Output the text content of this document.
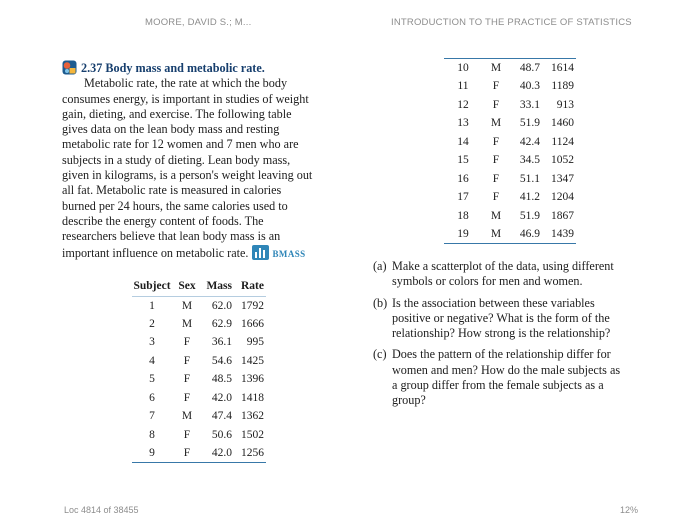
MOORE, DAVID S.; M...	INTRODUCTION TO THE PRACTICE OF STATISTICS
2.37 Body mass and metabolic rate.
Metabolic rate, the rate at which the body
consumes energy, is important in studies of weight
gain, dieting, and exercise. The following table
gives data on the lean body mass and resting
metabolic rate for 12 women and 7 men who are
subjects in a study of dieting. Lean body mass,
given in kilograms, is a person's weight leaving out
all fat. Metabolic rate is measured in calories
burned per 24 hours, the same calories used to
describe the energy content of foods. The
researchers believe that lean body mass is an
important influence on metabolic rate.	BMASS
Subject	Sex	Mass	Rate
1	M	62.0	1792
2	M	62.9	1666
3	F	36.1	995
4	F	54.6	1425
5	F	48.5	1396
6	F	42.0	1418
7	M	47.4	1362
8	F	50.6	1502
9	F	42.0	1256
10	M	48.7	1614
11	F	40.3	1189
12	F	33.1	913
13	M	51.9	1460
14	F	42.4	1124
15	F	34.5	1052
16	F	51.1	1347
17	F	41.2	1204
18	M	51.9	1867
19	M	46.9	1439
(a) Make a scatterplot of the data, using different
symbols or colors for men and women.
(b) Is the association between these variables
positive or negative? What is the form of the
relationship? How strong is the relationship?
(c) Does the pattern of the relationship differ for
women and men? How do the male subjects as
a group differ from the female subjects as a
group?
Loc 4814 of 38455	12%
